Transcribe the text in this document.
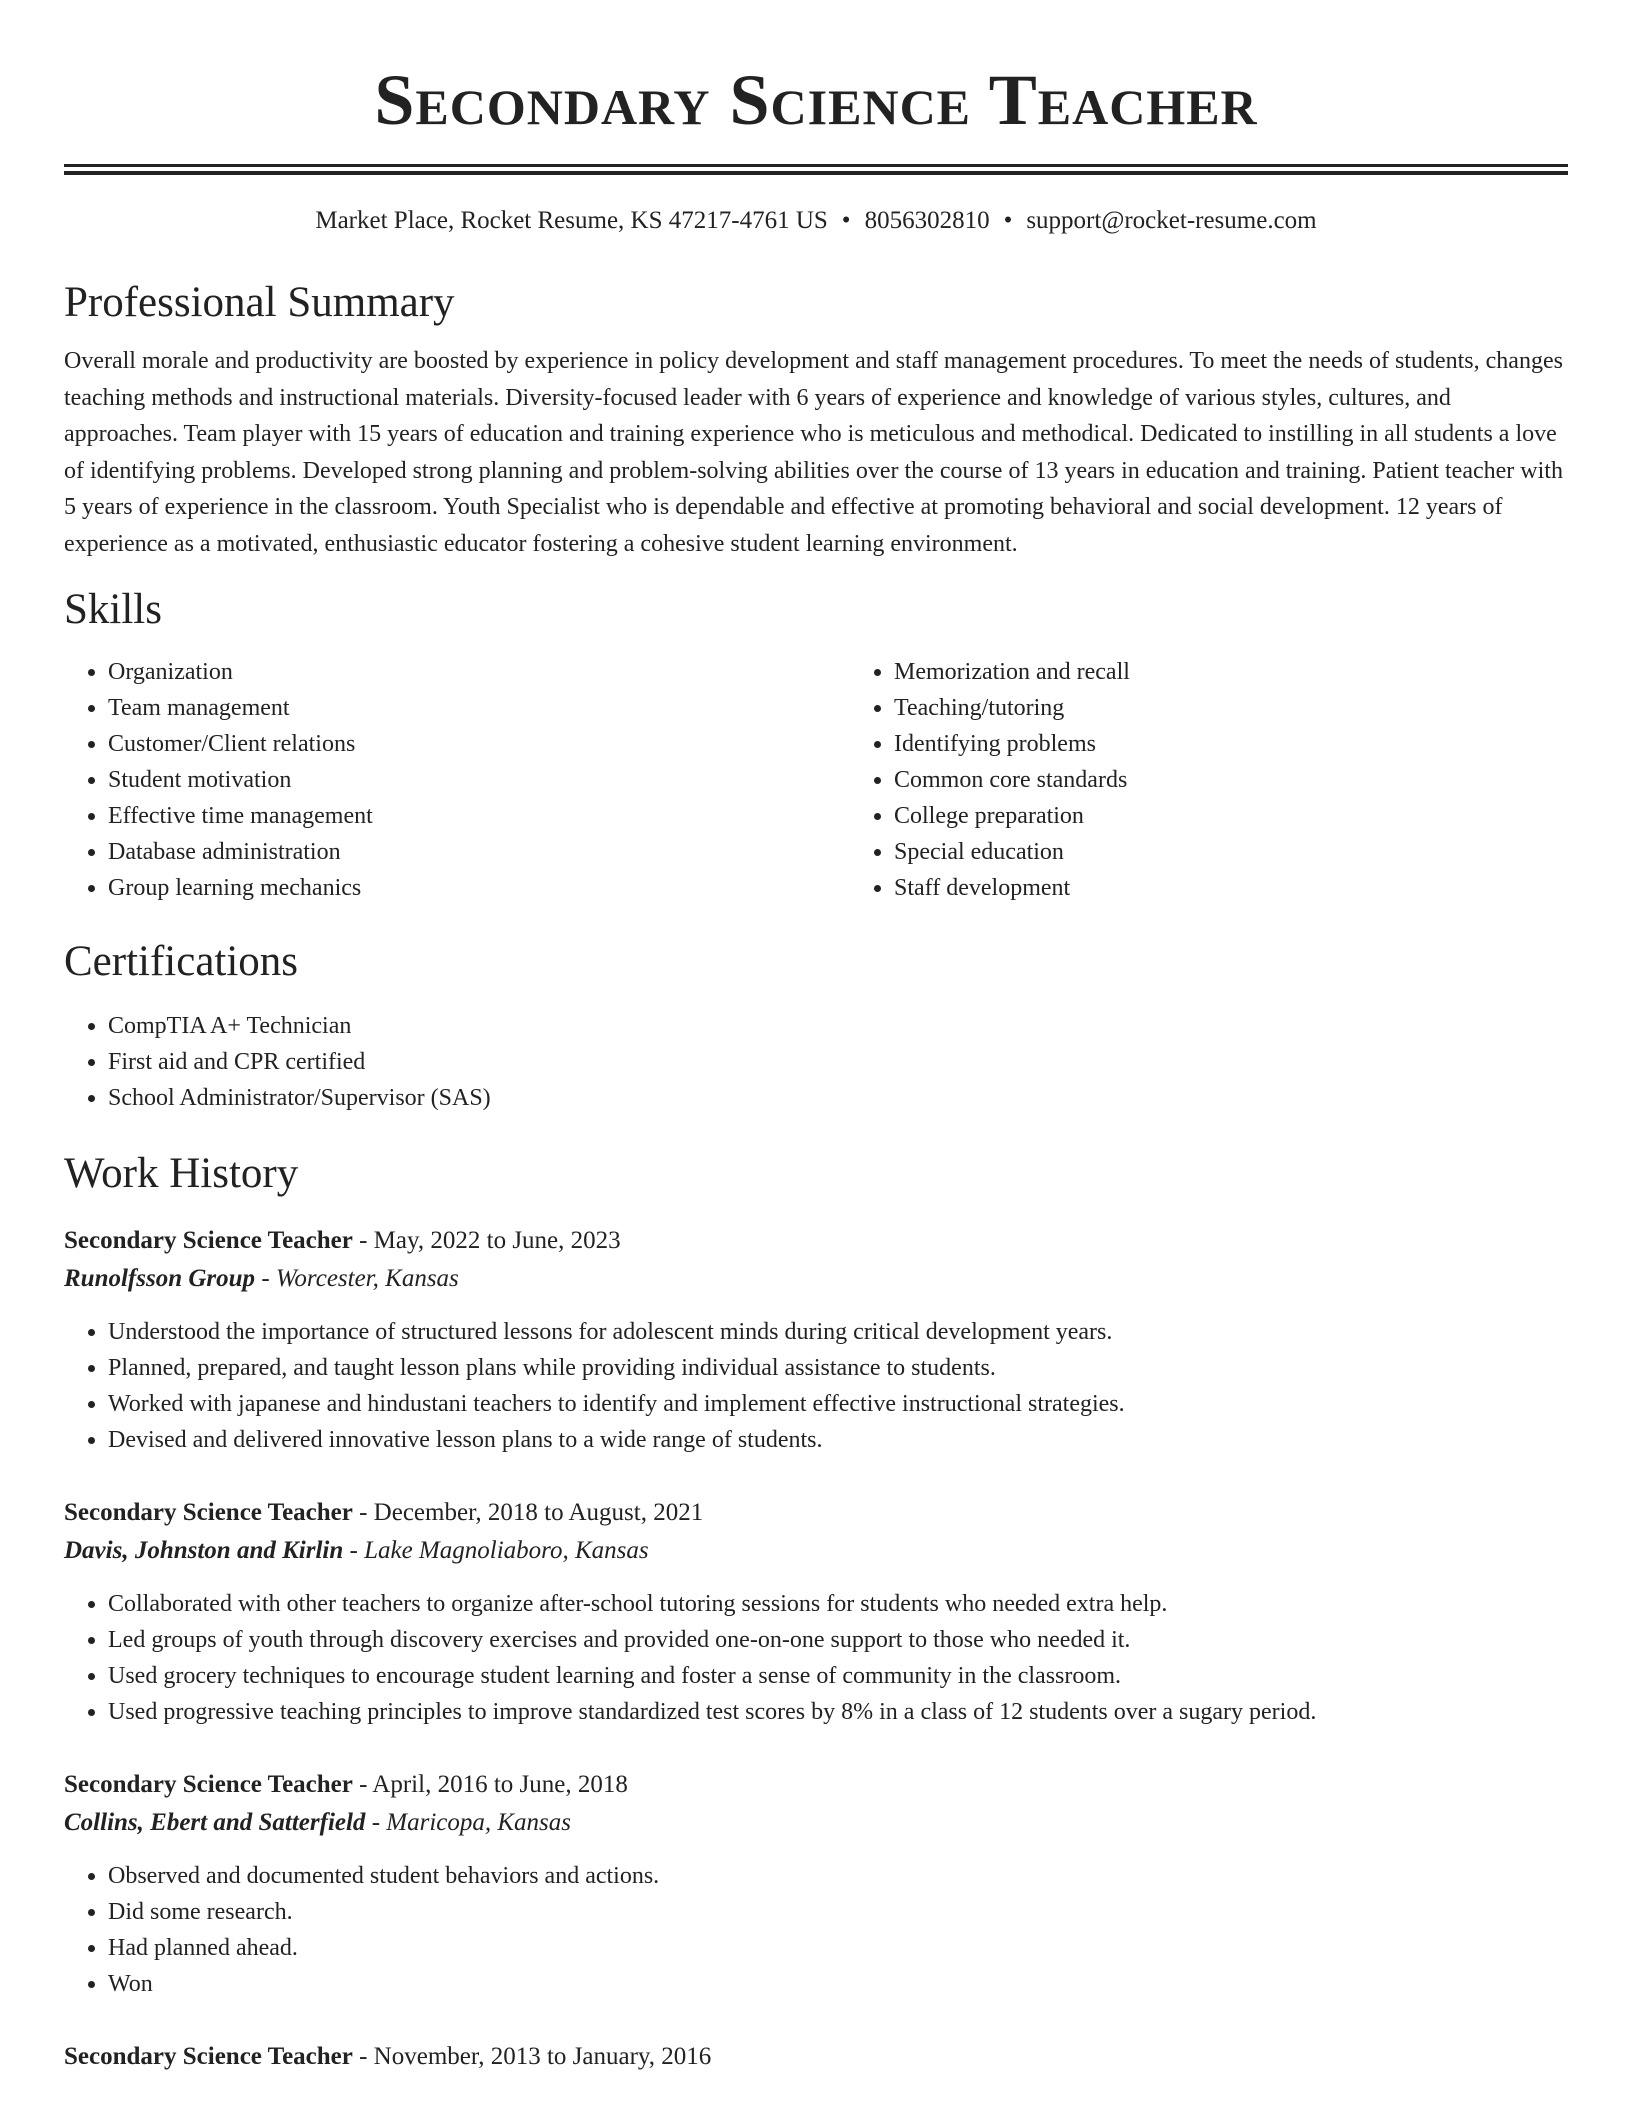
Secondary Science Teacher
Market Place, Rocket Resume, KS 47217-4761 US • 8056302810 • support@rocket-resume.com
Professional Summary

Overall morale and productivity are boosted by experience in policy development and staff management procedures. To meet the needs of students, changes teaching methods and instructional materials. Diversity-focused leader with 6 years of experience and knowledge of various styles, cultures, and approaches. Team player with 15 years of education and training experience who is meticulous and methodical. Dedicated to instilling in all students a love of identifying problems. Developed strong planning and problem-solving abilities over the course of 13 years in education and training. Patient teacher with 5 years of experience in the classroom. Youth Specialist who is dependable and effective at promoting behavioral and social development. 12 years of experience as a motivated, enthusiastic educator fostering a cohesive student learning environment.

Skills
• Organization
• Team management
• Customer/Client relations
• Student motivation
• Effective time management
• Database administration
• Group learning mechanics
• Memorization and recall
• Teaching/tutoring
• Identifying problems
• Common core standards
• College preparation
• Special education
• Staff development
Certifications
• CompTIA A+ Technician
• First aid and CPR certified
• School Administrator/Supervisor (SAS)
Work History
Secondary Science Teacher - May, 2022 to June, 2023
Runolfsson Group - Worcester, Kansas
• Understood the importance of structured lessons for adolescent minds during critical development years.
• Planned, prepared, and taught lesson plans while providing individual assistance to students.
• Worked with japanese and hindustani teachers to identify and implement effective instructional strategies.
• Devised and delivered innovative lesson plans to a wide range of students.
Secondary Science Teacher - December, 2018 to August, 2021
Davis, Johnston and Kirlin - Lake Magnoliaboro, Kansas
• Collaborated with other teachers to organize after-school tutoring sessions for students who needed extra help.
• Led groups of youth through discovery exercises and provided one-on-one support to those who needed it.
• Used grocery techniques to encourage student learning and foster a sense of community in the classroom.
• Used progressive teaching principles to improve standardized test scores by 8% in a class of 12 students over a sugary period.
Secondary Science Teacher - April, 2016 to June, 2018
Collins, Ebert and Satterfield - Maricopa, Kansas
• Observed and documented student behaviors and actions.
• Did some research.
• Had planned ahead.
• Won
Secondary Science Teacher - November, 2013 to January, 2016
